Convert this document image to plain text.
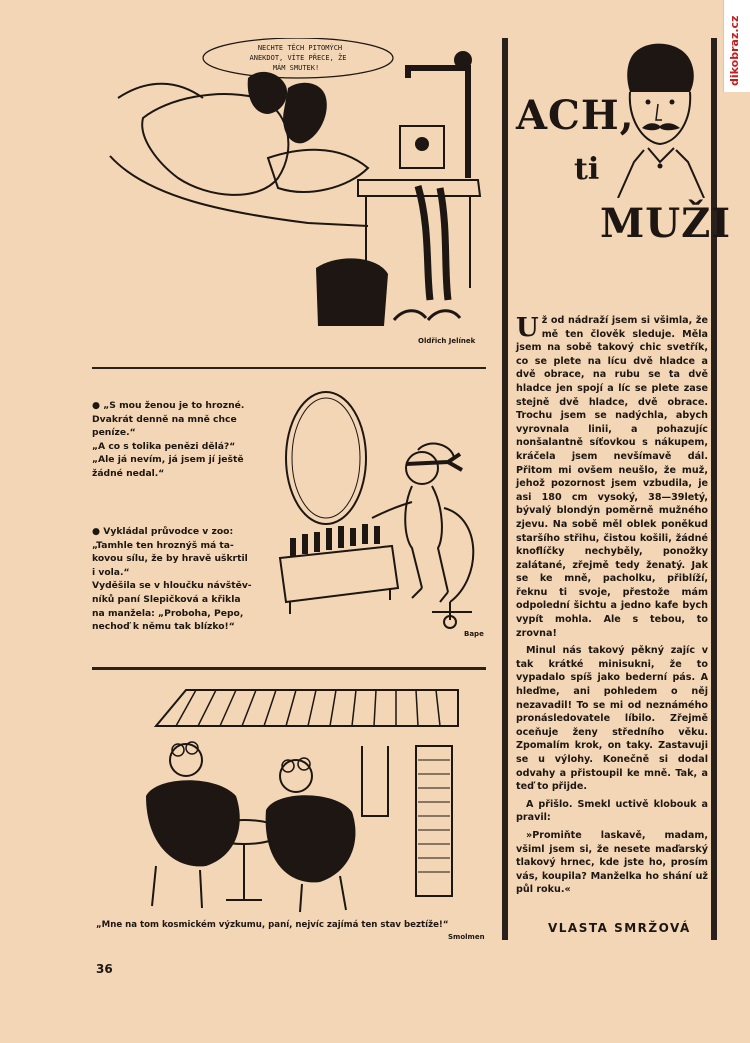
dikobraz.cz
NECHTE TĚCH PITOMÝCH
ANEKDOT, VÍTE PŘECE, ŽE
MÁM SMUTEK!
Oldřich Jelínek

● „S mou ženou je to hrozné.

Dvakrát denně na mně chce

peníze.“

„A co s tolika penězi dělá?“

„Ale já nevím, já jsem jí ještě

žádné nedal.“

● Vykládal průvodce v zoo:

„Tamhle ten hroznýš má ta-

kovou sílu, že by hravě uškrtil

i vola.“

Vyděšila se v hloučku návštěv-

níků paní Slepičková a křikla

na manžela: „Proboha, Pepo,

nechoď k němu tak blízko!“

Bape
„Mne na tom kosmickém výzkumu, paní, nejvíc zajímá ten stav beztíže!“
Smolmen
36
ACH,
ti
MUŽI

Už od nádraží jsem si všimla, že mě ten člověk sleduje. Měla jsem na sobě takový chic svetřík, co se plete na lícu dvě hladce a dvě obrace, na rubu se ta dvě hladce jen spojí a líc se plete zase stejně dvě hladce, dvě obrace. Trochu jsem se nadýchla, abych vyrovnala linii, a pohazujíc nonšalantně síťovkou s nákupem, kráčela jsem nevšímavě dál. Přitom mi ovšem neušlo, že muž, jehož pozornost jsem vzbudila, je asi 180 cm vysoký, 38—39letý, bývalý blondýn poměrně mužného zjevu. Na sobě měl oblek poněkud staršího střihu, čistou košili, žádné knoflíčky nechyběly, ponožky zalátané, zřejmě tedy ženatý. Jak se ke mně, pacholku, přiblíží, řeknu ti svoje, přestože mám odpolední šichtu a jedno kafe bych vypít mohla. Ale s tebou, to zrovna!

Minul nás takový pěkný zajíc v tak krátké minisukni, že to vypadalo spíš jako bederní pás. A hleďme, ani pohledem o něj nezavadil! To se mi od neznámého pronásledovatele líbilo. Zřejmě oceňuje ženy středního věku. Zpomalím krok, on taky. Zastavuji se u výlohy. Konečně si dodal odvahy a přistoupil ke mně. Tak, a teď to přijde.

A přišlo. Smekl uctivě klobouk a pravil:

»Promiňte laskavě, madam, všiml jsem si, že nesete maďarský tlakový hrnec, kde jste ho, prosím vás, koupila? Manželka ho shání už půl roku.«

VLASTA SMRŽOVÁ
